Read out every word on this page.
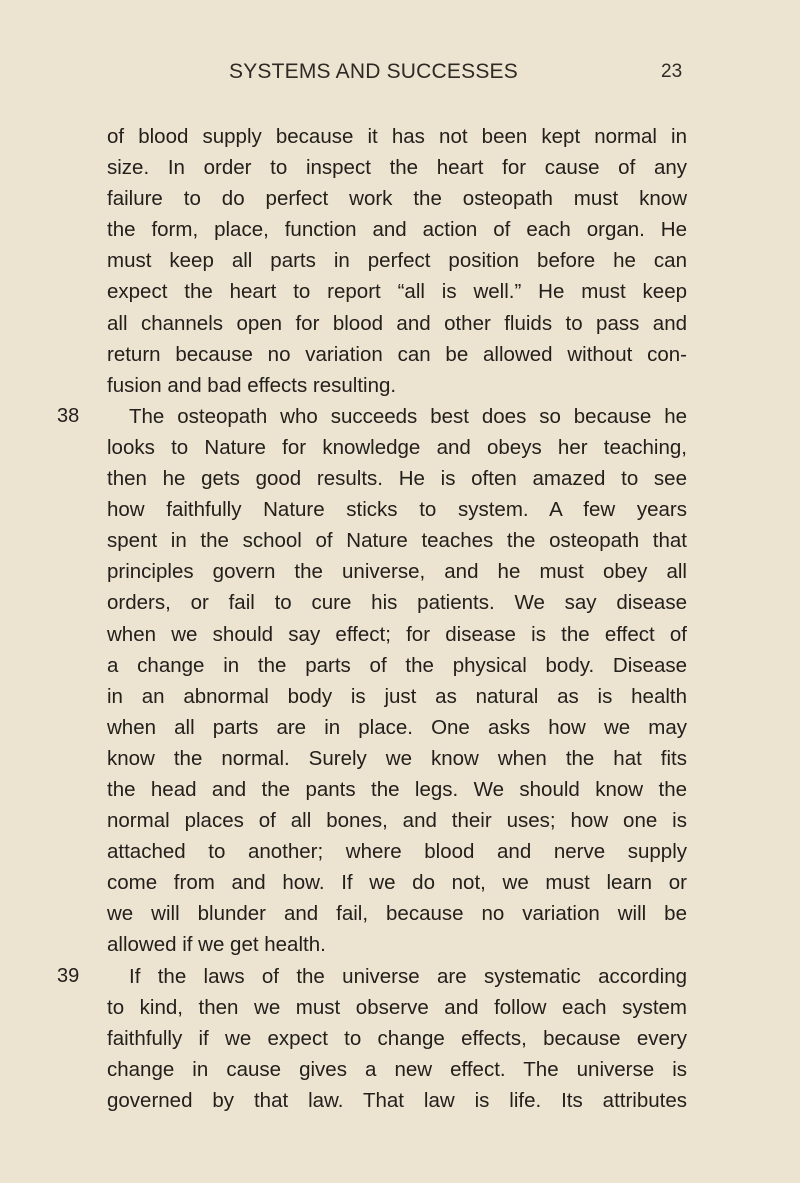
SYSTEMS AND SUCCESSES	23
of blood supply because it has not been kept normal in
size. In order to inspect the heart for cause of any
failure to do perfect work the osteopath must know
the form, place, function and action of each organ. He
must keep all parts in perfect position before he can
expect the heart to report “all is well.” He must keep
all channels open for blood and other fluids to pass and
return because no variation can be allowed without con-
fusion and bad effects resulting.
38	The osteopath who succeeds best does so because he
looks to Nature for knowledge and obeys her teaching,
then he gets good results. He is often amazed to see
how faithfully Nature sticks to system. A few years
spent in the school of Nature teaches the osteopath that
principles govern the universe, and he must obey all
orders, or fail to cure his patients. We say disease
when we should say effect; for disease is the effect of
a change in the parts of the physical body. Disease
in an abnormal body is just as natural as is health
when all parts are in place. One asks how we may
know the normal. Surely we know when the hat fits
the head and the pants the legs. We should know the
normal places of all bones, and their uses; how one is
attached to another; where blood and nerve supply
come from and how. If we do not, we must learn or
we will blunder and fail, because no variation will be
allowed if we get health.
39	If the laws of the universe are systematic according
to kind, then we must observe and follow each system
faithfully if we expect to change effects, because every
change in cause gives a new effect. The universe is
governed by that law. That law is life. Its attributes
